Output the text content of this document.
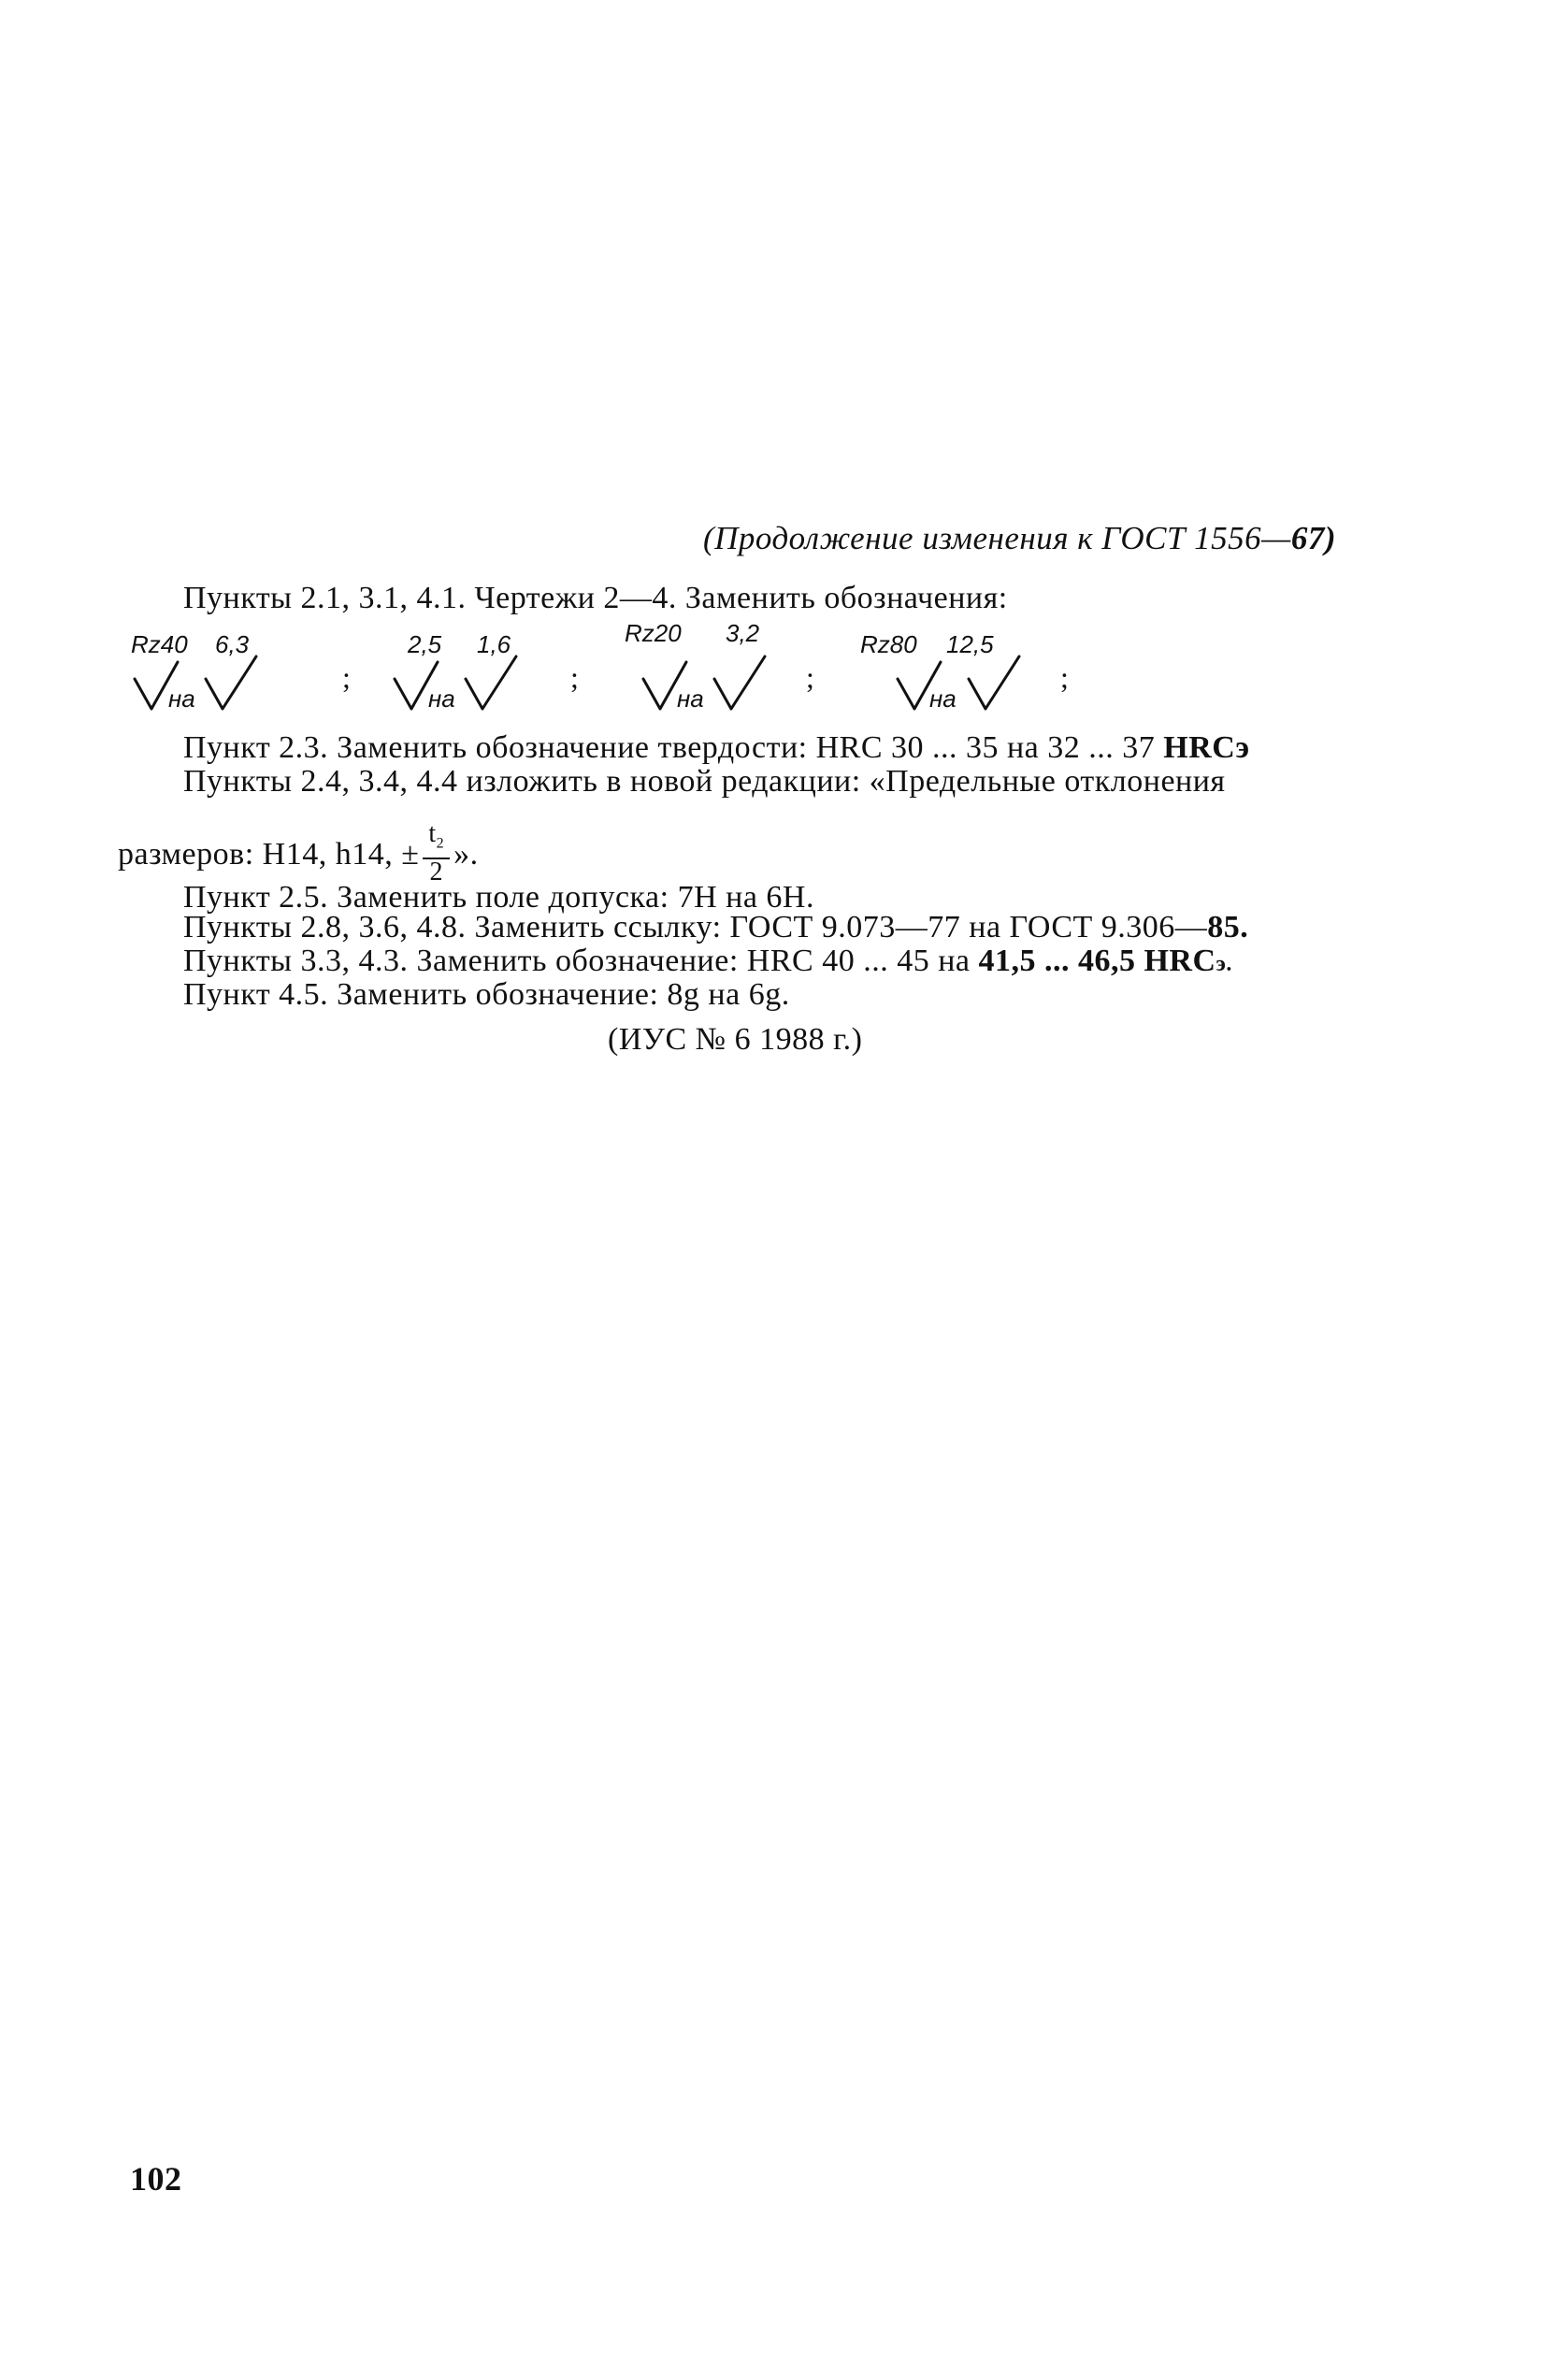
(Продолжение изменения к ГОСТ 1556—67)
Пункты 2.1, 3.1, 4.1. Чертежи 2—4. Заменить обозначения:
Rz40 6,3
на
;
2,5 1,6
на
;
Rz20 3,2
на
;
Rz80 12,5
на
;
Пункт 2.3. Заменить обозначение твердости: HRC 30 ... 35 на 32 ... 37 HRCэ
Пункты 2.4, 3.4, 4.4 изложить в новой редакции: «Предельные отклонения
размеров: H14, h14, ± $\frac{t_2}{2}$ ».
Пункт 2.5. Заменить поле допуска: 7H на 6H.
Пункты 2.8, 3.6, 4.8. Заменить ссылку: ГОСТ 9.073—77 на ГОСТ 9.306—85.
Пункты 3.3, 4.3. Заменить обозначение: HRC 40 ... 45 на 41,5 ... 46,5 HRCэ.
Пункт 4.5. Заменить обозначение: 8g на 6g.
(ИУС № 6 1988 г.)
102
